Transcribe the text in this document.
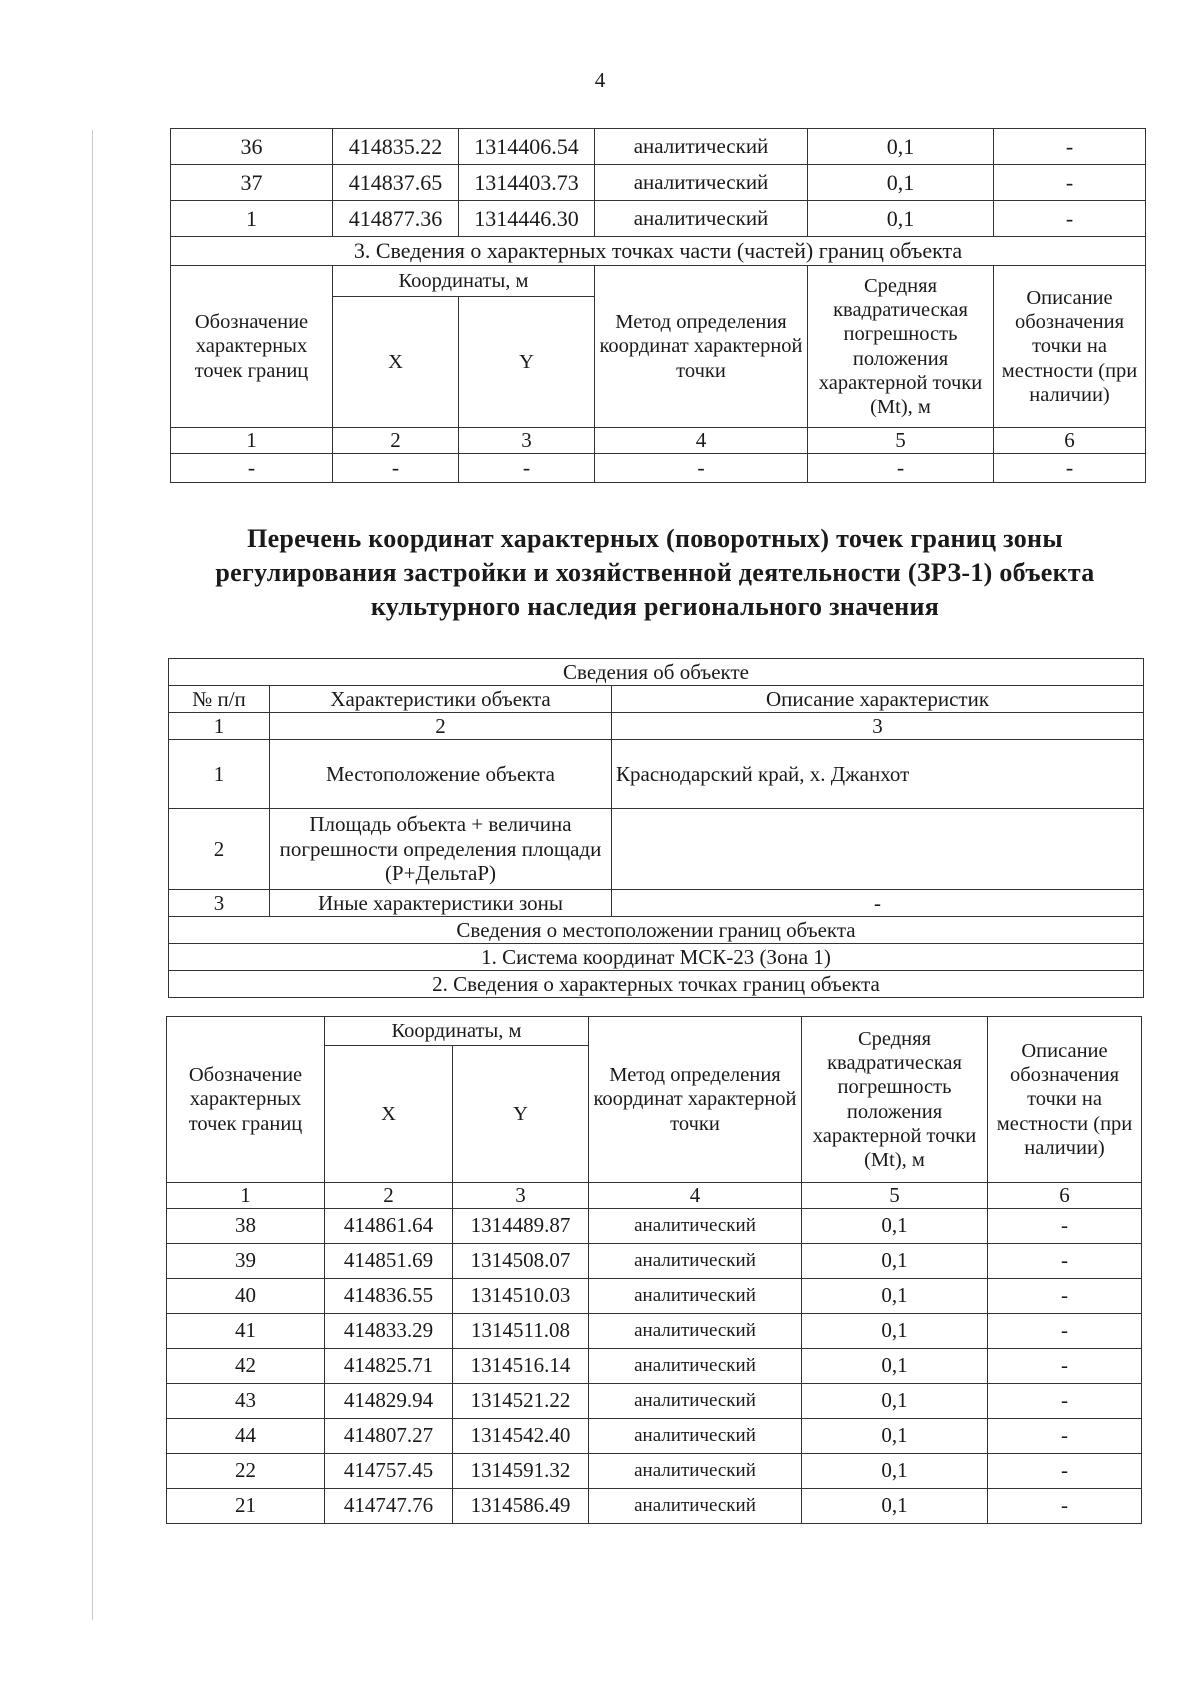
4
36	414835.22	1314406.54	аналитический	0,1	-
37	414837.65	1314403.73	аналитический	0,1	-
1	414877.36	1314446.30	аналитический	0,1	-
3. Сведения о характерных точках части (частей) границ объекта					
Обозначение характерных точек границ	Координаты, м		Метод определения координат характерной точки	Средняя квадратическая погрешность положения характерной точки (Mt), м	Описание обозначения точки на местности (при наличии)
	X	Y			
1	2	3	4	5	6
-	-	-	-	-	-
Перечень координат характерных (поворотных) точек границ зоны
регулирования застройки и хозяйственной деятельности (ЗРЗ-1) объекта
культурного наследия регионального значения
Сведения об объекте		
№ п/п	Характеристики объекта	Описание характеристик
1	2	3
1	Местоположение объекта	Краснодарский край, х. Джанхот
2	Площадь объекта + величина погрешности определения площади (Р+ДельтаР)	
3	Иные характеристики зоны	-
Сведения о местоположении границ объекта		
1. Система координат МСК-23 (Зона 1)		
2. Сведения о характерных точках границ объекта		
Обозначение характерных точек границ	Координаты, м		Метод определения координат характерной точки	Средняя квадратическая погрешность положения характерной точки (Mt), м	Описание обозначения точки на местности (при наличии)
	X	Y			
1	2	3	4	5	6
38	414861.64	1314489.87	аналитический	0,1	-
39	414851.69	1314508.07	аналитический	0,1	-
40	414836.55	1314510.03	аналитический	0,1	-
41	414833.29	1314511.08	аналитический	0,1	-
42	414825.71	1314516.14	аналитический	0,1	-
43	414829.94	1314521.22	аналитический	0,1	-
44	414807.27	1314542.40	аналитический	0,1	-
22	414757.45	1314591.32	аналитический	0,1	-
21	414747.76	1314586.49	аналитический	0,1	-
